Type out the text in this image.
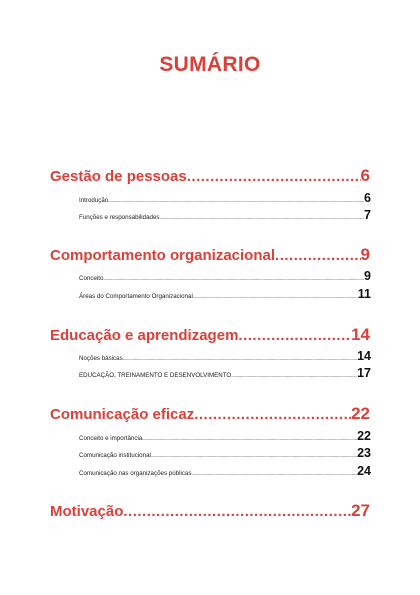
SUMÁRIO
Gestão de pessoas .....	6
Introdução .....	6
Funções e responsabilidades .....	7
Comportamento organizacional .....	9
Conceito .....	9
Áreas do Comportamento Organizacional .....	11
Educação e aprendizagem .....	14
Noções básicas .....	14
EDUCAÇÃO, TREINAMENTO E DESENVOLVIMENTO .....	17
Comunicação eficaz .....	22
Conceito e importância .....	22
Comunicação institucional .....	23
Comunicação nas organizações públicas .....	24
Motivação .....	27
